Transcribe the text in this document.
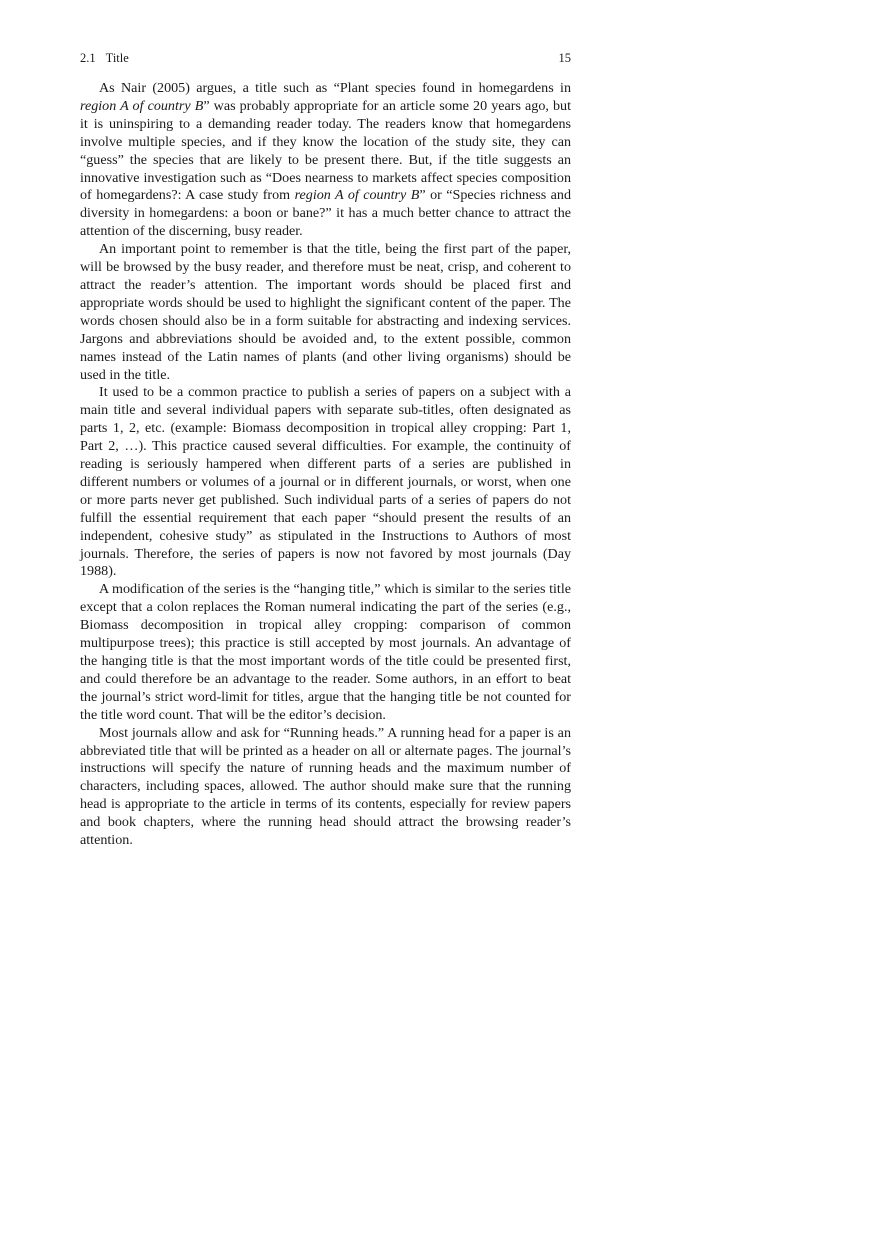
2.1 Title	15

As Nair (2005) argues, a title such as “Plant species found in homegardens in region A of country B” was probably appropriate for an article some 20 years ago, but it is uninspiring to a demanding reader today. The readers know that homegardens involve multiple species, and if they know the location of the study site, they can “guess” the species that are likely to be present there. But, if the title suggests an innovative investigation such as “Does nearness to markets affect species composition of homegardens?: A case study from region A of country B” or “Species richness and diversity in homegardens: a boon or bane?” it has a much better chance to attract the attention of the discerning, busy reader.

An important point to remember is that the title, being the first part of the paper, will be browsed by the busy reader, and therefore must be neat, crisp, and coherent to attract the reader’s attention. The important words should be placed first and appropriate words should be used to highlight the significant content of the paper. The words chosen should also be in a form suitable for abstracting and indexing services. Jargons and abbreviations should be avoided and, to the extent possible, common names instead of the Latin names of plants (and other living organisms) should be used in the title.

It used to be a common practice to publish a series of papers on a subject with a main title and several individual papers with separate sub-titles, often designated as parts 1, 2, etc. (example: Biomass decomposition in tropical alley cropping: Part 1, Part 2, …). This practice caused several difficulties. For example, the continuity of reading is seriously hampered when different parts of a series are published in different numbers or volumes of a journal or in different journals, or worst, when one or more parts never get published. Such individual parts of a series of papers do not fulfill the essential requirement that each paper “should present the results of an independent, cohesive study” as stipulated in the Instructions to Authors of most journals. Therefore, the series of papers is now not favored by most journals (Day 1988).

A modification of the series is the “hanging title,” which is similar to the series title except that a colon replaces the Roman numeral indicating the part of the series (e.g., Biomass decomposition in tropical alley cropping: comparison of common multipurpose trees); this practice is still accepted by most journals. An advantage of the hanging title is that the most important words of the title could be presented first, and could therefore be an advantage to the reader. Some authors, in an effort to beat the journal’s strict word-limit for titles, argue that the hanging title be not counted for the title word count. That will be the editor’s decision.

Most journals allow and ask for “Running heads.” A running head for a paper is an abbreviated title that will be printed as a header on all or alternate pages. The journal’s instructions will specify the nature of running heads and the maximum number of characters, including spaces, allowed. The author should make sure that the running head is appropriate to the article in terms of its contents, especially for review papers and book chapters, where the running head should attract the browsing reader’s attention.
